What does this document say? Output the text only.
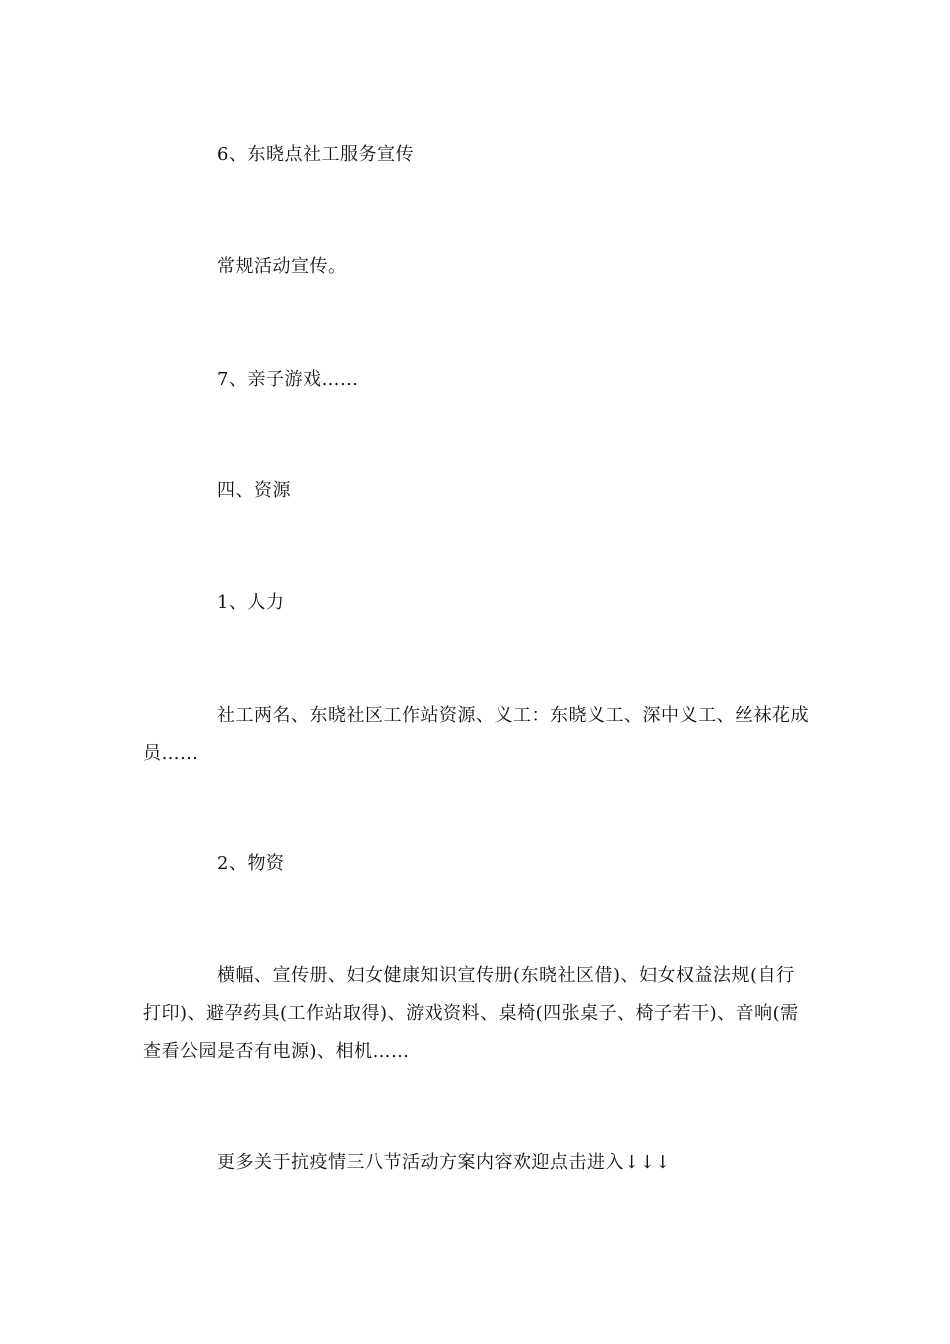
6、东晓点社工服务宣传

常规活动宣传。

7、亲子游戏……

四、资源

1、人力

社工两名、东晓社区工作站资源、义工：东晓义工、深中义工、丝袜花成员……

2、物资

横幅、宣传册、妇女健康知识宣传册(东晓社区借)、妇女权益法规(自行打印)、避孕药具(工作站取得)、游戏资料、桌椅(四张桌子、椅子若干)、音响(需查看公园是否有电源)、相机……

更多关于抗疫情三八节活动方案内容欢迎点击进入↓↓↓
